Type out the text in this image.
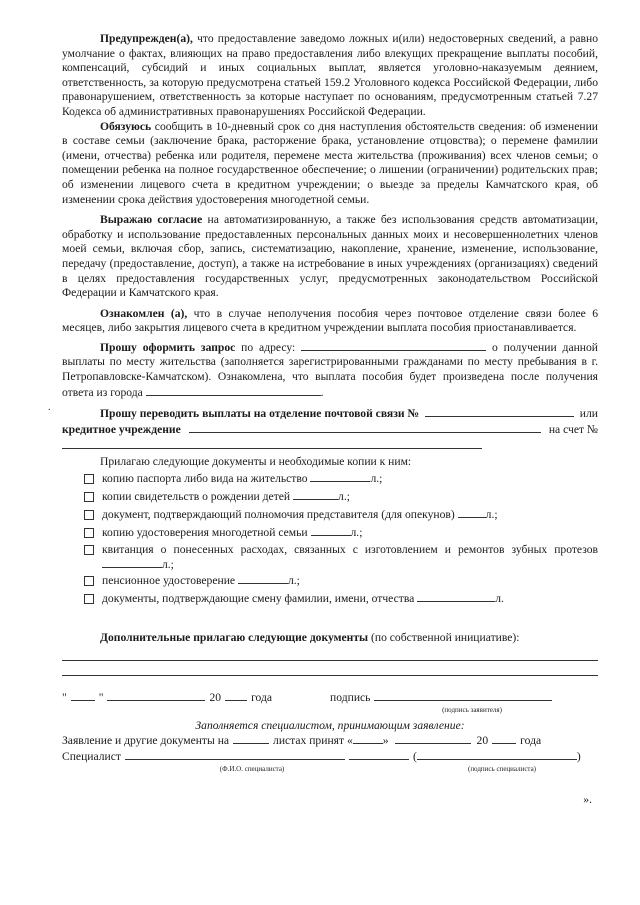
Предупрежден(а), что предоставление заведомо ложных и(или) недостоверных сведений, а равно умолчание о фактах, влияющих на право предоставления либо влекущих прекращение выплаты пособий, компенсаций, субсидий и иных социальных выплат, является уголовно-наказуемым деянием, ответственность, за которую предусмотрена статьей 159.2 Уголовного кодекса Российской Федерации, либо правонарушением, ответственность за которые наступает по основаниям, предусмотренным статьей 7.27 Кодекса об административных правонарушениях Российской Федерации.

Обязуюсь сообщить в 10-дневный срок со дня наступления обстоятельств сведения: об изменении в составе семьи (заключение брака, расторжение брака, установление отцовства); о перемене фамилии (имени, отчества) ребенка или родителя, перемене места жительства (проживания) всех членов семьи; о помещении ребенка на полное государственное обеспечение; о лишении (ограничении) родительских прав; об изменении лицевого счета в кредитном учреждении; о выезде за пределы Камчатского края, об изменении срока действия удостоверения многодетной семьи.

Выражаю согласие на автоматизированную, а также без использования средств автоматизации, обработку и использование предоставленных персональных данных моих и несовершеннолетних членов моей семьи, включая сбор, запись, систематизацию, накопление, хранение, изменение, использование, передачу (предоставление, доступ), а также на истребование в иных учреждениях (организациях) сведений в целях предоставления государственных услуг, предусмотренных законодательством Российской Федерации и Камчатского края.

Ознакомлен (а), что в случае неполучения пособия через почтовое отделение связи более 6 месяцев, либо закрытия лицевого счета в кредитном учреждении выплата пособия приостанавливается.

Прошу оформить запрос по адресу:	о получении данной выплаты по месту жительства (заполняется зарегистрированными гражданами по месту пребывания в г. Петропавловске-Камчатском). Ознакомлена, что выплата пособия будет произведена после получения ответа из города	.

Прошу переводить выплаты на отделение почтовой связи №	или
кредитное учреждение	на счет №
Прилагаю следующие документы и необходимые копии к ним:
копию паспорта либо вида на жительство	л.;
копии свидетельств о рождении детей	л.;
документ, подтверждающий полномочия представителя (для опекунов)	л.;
копию удостоверения многодетной семьи	л.;
квитанция о понесенных расходах, связанных с изготовлением и ремонтов зубных протезов л.;
пенсионное удостоверение	л.;
документы, подтверждающие смену фамилии, имени, отчества	л.
Дополнительные прилагаю следующие документы (по собственной инициативе):
"	"	20	года	подпись
(подпись заявителя)
Заполняется специалистом, принимающим заявление:
Заявление и другие документы на	листах принят «	»	20	года
Специалист	(	)
(Ф.И.О. специалиста)	(подпись специалиста)
».
.
